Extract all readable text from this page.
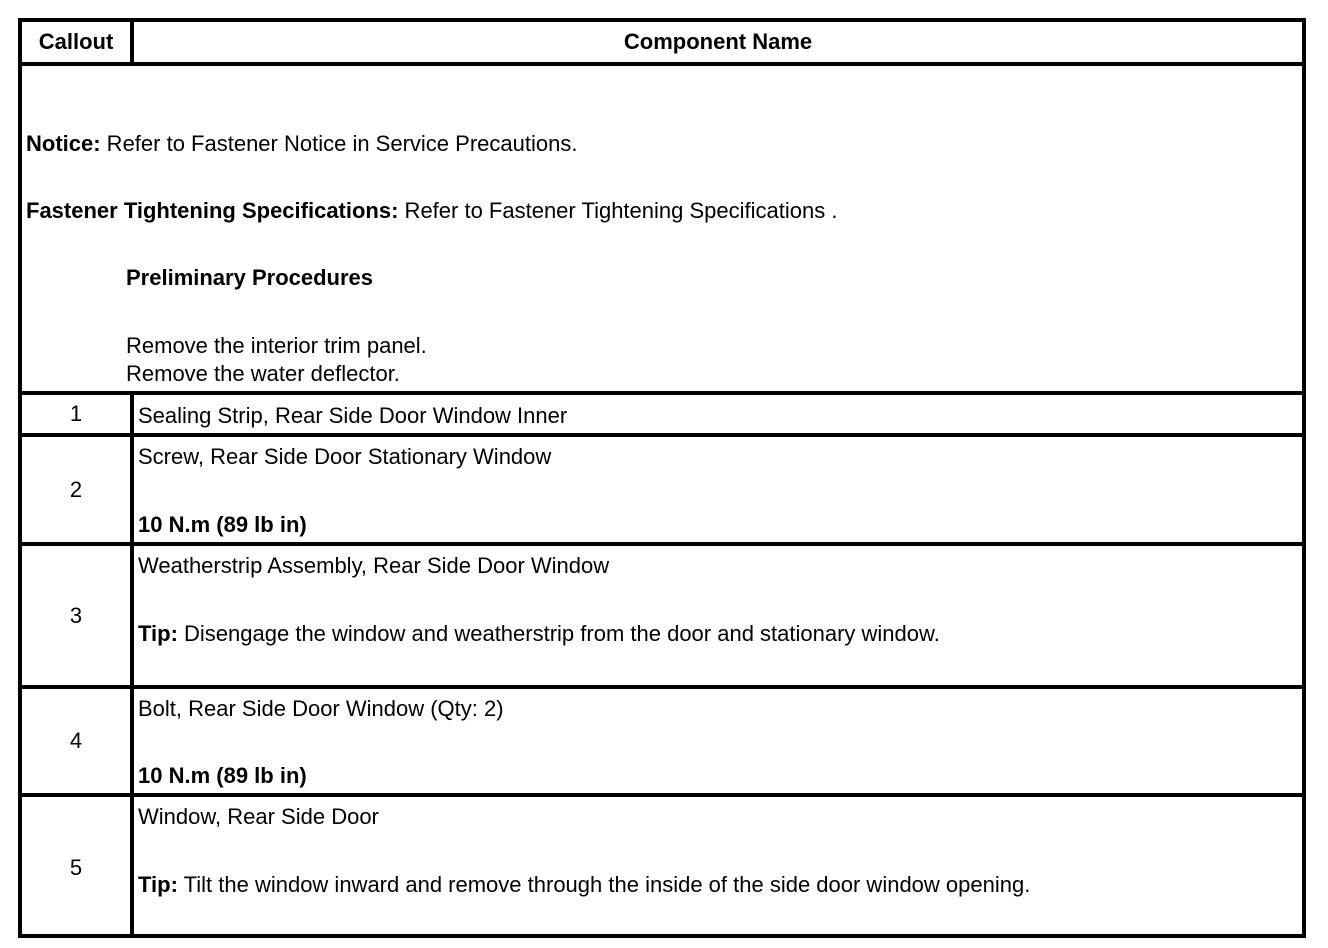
Callout	Component Name
Notice: Refer to Fastener Notice in Service Precautions.
Fastener Tightening Specifications: Refer to Fastener Tightening Specifications .
Preliminary Procedures
Remove the interior trim panel.
Remove the water deflector.
1	Sealing Strip, Rear Side Door Window Inner
2
Screw, Rear Side Door Stationary Window
10 N.m (89 lb in)
3
Weatherstrip Assembly, Rear Side Door Window
Tip: Disengage the window and weatherstrip from the door and stationary window.
4
Bolt, Rear Side Door Window (Qty: 2)
10 N.m (89 lb in)
5
Window, Rear Side Door
Tip: Tilt the window inward and remove through the inside of the side door window opening.
